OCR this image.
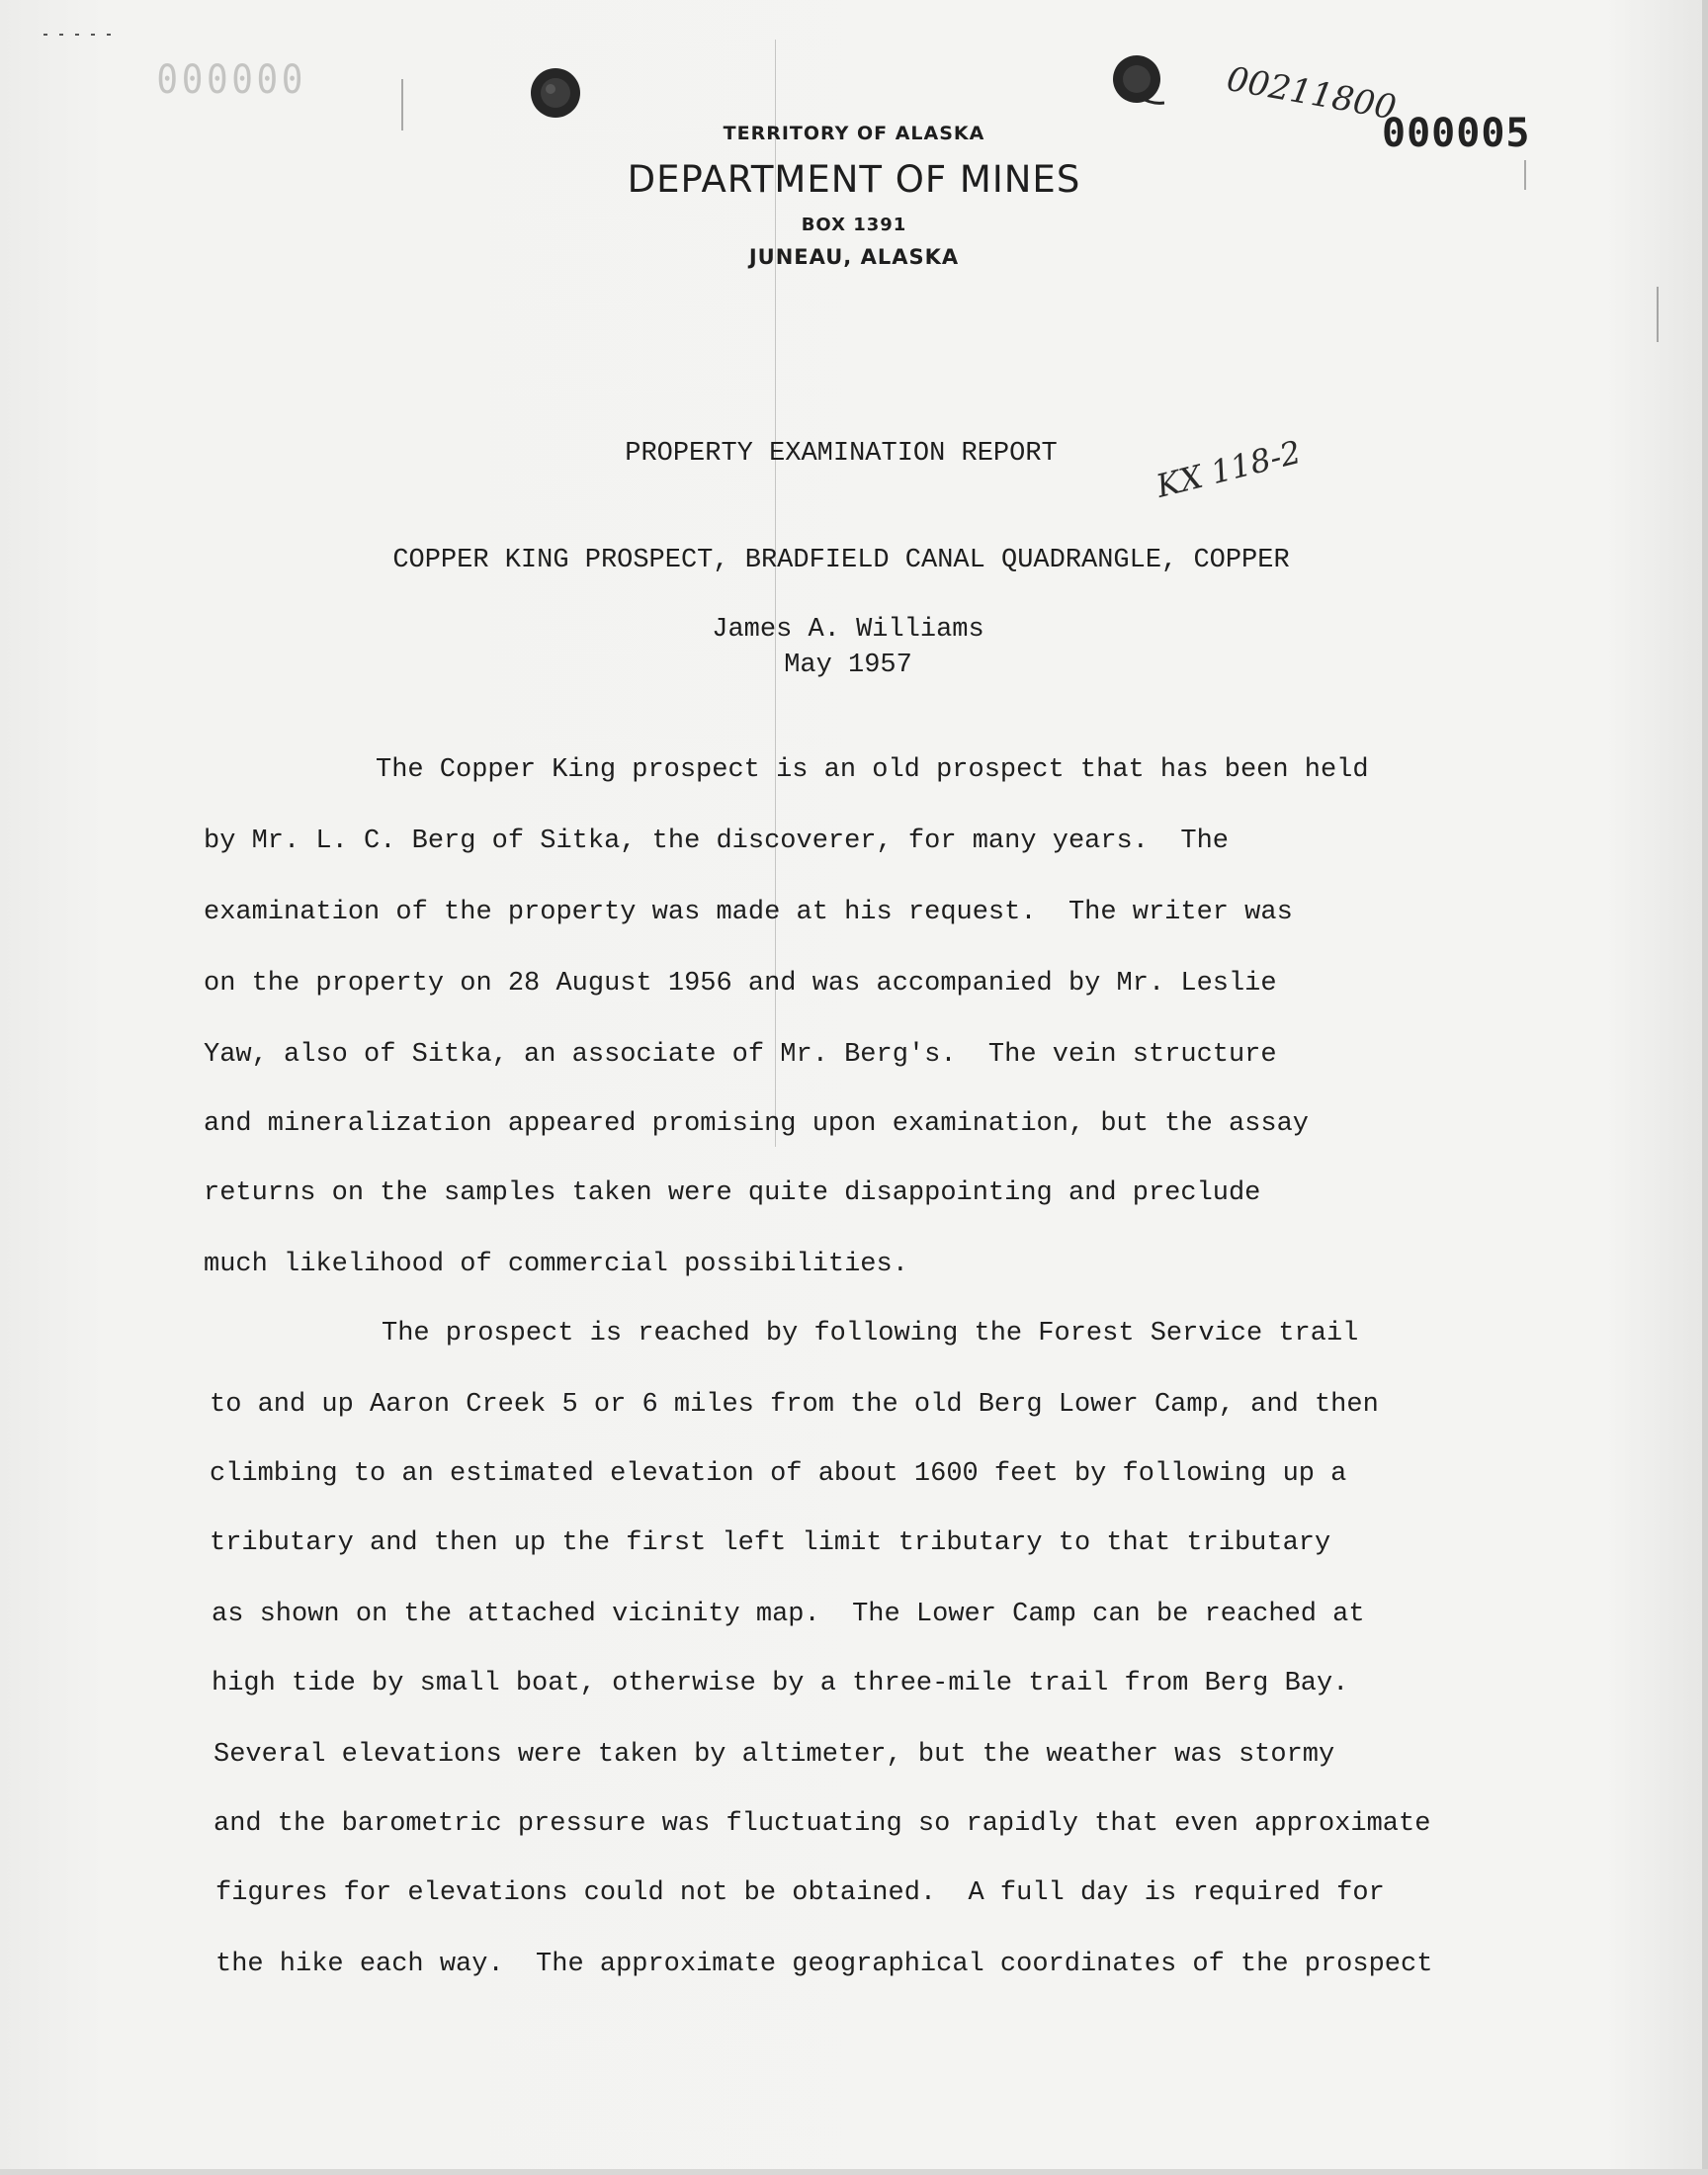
000000	00211800
000005
TERRITORY OF ALASKA
DEPARTMENT OF MINES
BOX 1391
JUNEAU, ALASKA
PROPERTY EXAMINATION REPORT	KX 118-2
COPPER KING PROSPECT, BRADFIELD CANAL QUADRANGLE, COPPER
James A. Williams
May 1957
The Copper King prospect is an old prospect that has been held
by Mr. L. C. Berg of Sitka, the discoverer, for many years.  The
examination of the property was made at his request.  The writer was
on the property on 28 August 1956 and was accompanied by Mr. Leslie
Yaw, also of Sitka, an associate of Mr. Berg's.  The vein structure
and mineralization appeared promising upon examination, but the assay
returns on the samples taken were quite disappointing and preclude
much likelihood of commercial possibilities.
The prospect is reached by following the Forest Service trail
to and up Aaron Creek 5 or 6 miles from the old Berg Lower Camp, and then
climbing to an estimated elevation of about 1600 feet by following up a
tributary and then up the first left limit tributary to that tributary
as shown on the attached vicinity map.  The Lower Camp can be reached at
high tide by small boat, otherwise by a three-mile trail from Berg Bay.
Several elevations were taken by altimeter, but the weather was stormy
and the barometric pressure was fluctuating so rapidly that even approximate
figures for elevations could not be obtained.  A full day is required for
the hike each way.  The approximate geographical coordinates of the prospect
